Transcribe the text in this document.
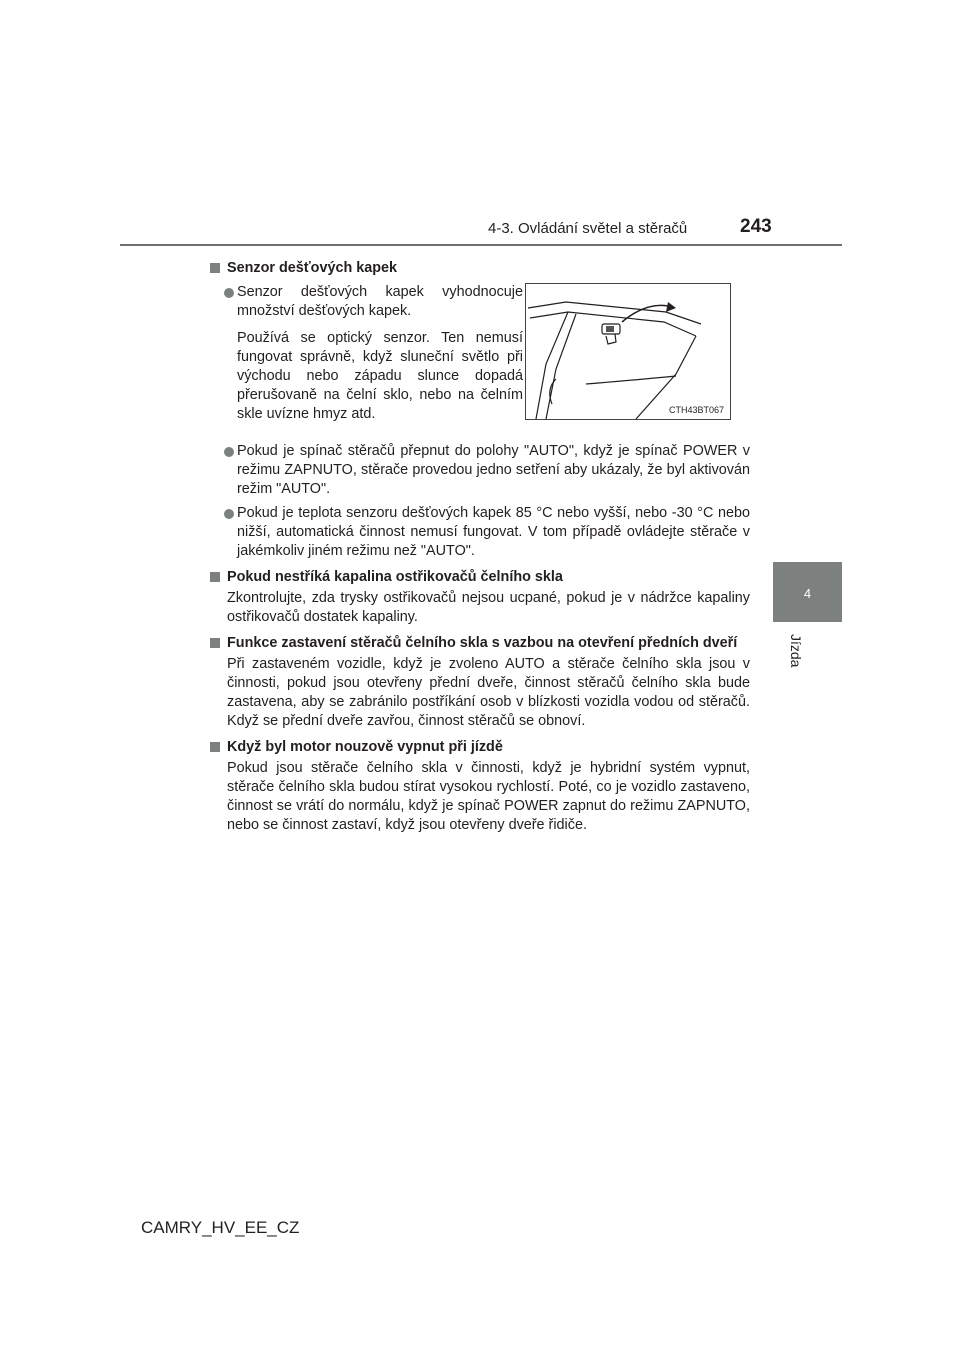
4-3. Ovládání světel a stěračů	243
4
Jízda
CTH43BT067
Senzor dešťových kapek
Senzor dešťových kapek vyhodnocuje množství dešťových kapek.
Používá se optický senzor. Ten nemusí fungovat správně, když sluneční světlo při východu nebo západu slunce dopadá přerušovaně na čelní sklo, nebo na čelním skle uvízne hmyz atd.
Pokud je spínač stěračů přepnut do polohy "AUTO", když je spínač POWER v režimu ZAPNUTO, stěrače provedou jedno setření aby ukázaly, že byl aktivován režim "AUTO".
Pokud je teplota senzoru dešťových kapek 85 °C nebo vyšší, nebo -30 °C nebo nižší, automatická činnost nemusí fungovat. V tom případě ovládejte stěrače v jakémkoliv jiném režimu než "AUTO".
Pokud nestříká kapalina ostřikovačů čelního skla
Zkontrolujte, zda trysky ostřikovačů nejsou ucpané, pokud je v nádržce kapaliny ostřikovačů dostatek kapaliny.
Funkce zastavení stěračů čelního skla s vazbou na otevření předních dveří
Při zastaveném vozidle, když je zvoleno AUTO a stěrače čelního skla jsou v činnosti, pokud jsou otevřeny přední dveře, činnost stěračů čelního skla bude zastavena, aby se zabránilo postříkání osob v blízkosti vozidla vodou od stěračů. Když se přední dveře zavřou, činnost stěračů se obnoví.
Když byl motor nouzově vypnut při jízdě
Pokud jsou stěrače čelního skla v činnosti, když je hybridní systém vypnut, stěrače čelního skla budou stírat vysokou rychlostí. Poté, co je vozidlo zastaveno, činnost se vrátí do normálu, když je spínač POWER zapnut do režimu ZAPNUTO, nebo se činnost zastaví, když jsou otevřeny dveře řidiče.
CAMRY_HV_EE_CZ
